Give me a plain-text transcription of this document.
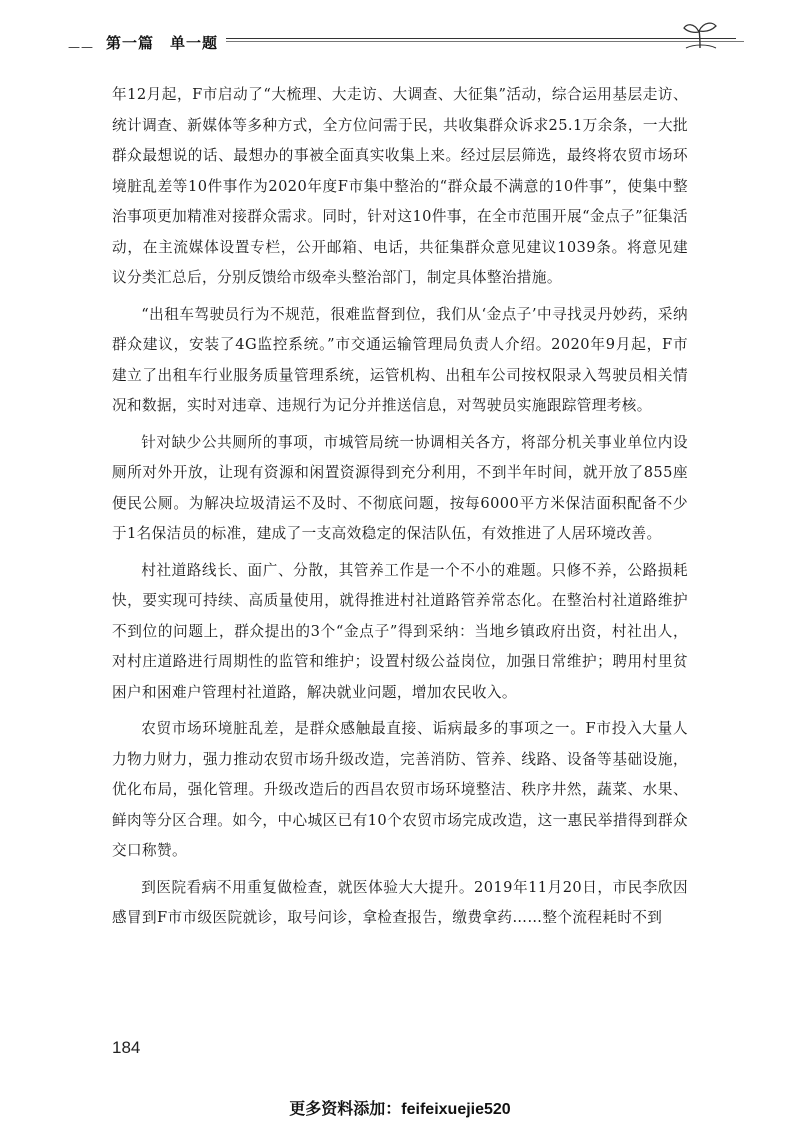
—— 第一篇 单一题

年12月起，F市启动了“大梳理、大走访、大调查、大征集”活动，综合运用基层走访、统计调查、新媒体等多种方式，全方位问需于民，共收集群众诉求25.1万余条，一大批群众最想说的话、最想办的事被全面真实收集上来。经过层层筛选，最终将农贸市场环境脏乱差等10件事作为2020年度F市集中整治的“群众最不满意的10件事”，使集中整治事项更加精准对接群众需求。同时，针对这10件事，在全市范围开展“金点子”征集活动，在主流媒体设置专栏，公开邮箱、电话，共征集群众意见建议1039条。将意见建议分类汇总后，分别反馈给市级牵头整治部门，制定具体整治措施。

“出租车驾驶员行为不规范，很难监督到位，我们从‘金点子’中寻找灵丹妙药，采纳群众建议，安装了4G监控系统。”市交通运输管理局负责人介绍。2020年9月起，F市建立了出租车行业服务质量管理系统，运管机构、出租车公司按权限录入驾驶员相关情况和数据，实时对违章、违规行为记分并推送信息，对驾驶员实施跟踪管理考核。

针对缺少公共厕所的事项，市城管局统一协调相关各方，将部分机关事业单位内设厕所对外开放，让现有资源和闲置资源得到充分利用，不到半年时间，就开放了855座便民公厕。为解决垃圾清运不及时、不彻底问题，按每6000平方米保洁面积配备不少于1名保洁员的标准，建成了一支高效稳定的保洁队伍，有效推进了人居环境改善。

村社道路线长、面广、分散，其管养工作是一个不小的难题。只修不养，公路损耗快，要实现可持续、高质量使用，就得推进村社道路管养常态化。在整治村社道路维护不到位的问题上，群众提出的3个“金点子”得到采纳：当地乡镇政府出资，村社出人，对村庄道路进行周期性的监管和维护；设置村级公益岗位，加强日常维护；聘用村里贫困户和困难户管理村社道路，解决就业问题，增加农民收入。

农贸市场环境脏乱差，是群众感触最直接、诟病最多的事项之一。F市投入大量人力物力财力，强力推动农贸市场升级改造，完善消防、管养、线路、设备等基础设施，优化布局，强化管理。升级改造后的西昌农贸市场环境整洁、秩序井然，蔬菜、水果、鲜肉等分区合理。如今，中心城区已有10个农贸市场完成改造，这一惠民举措得到群众交口称赞。

到医院看病不用重复做检查，就医体验大大提升。2019年11月20日，市民李欣因感冒到F市市级医院就诊，取号问诊，拿检查报告，缴费拿药……整个流程耗时不到

184
更多资料添加：feifeixuejie520
